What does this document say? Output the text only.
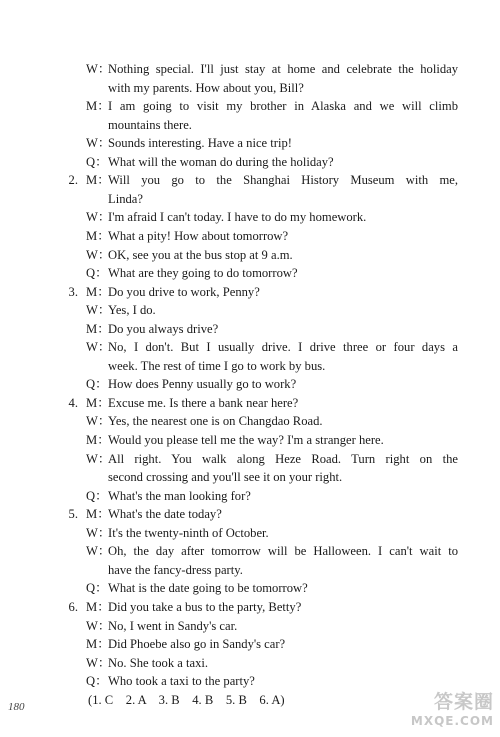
W：
Nothing special. I'll just stay at home and celebrate the holiday
with my parents. How about you, Bill?
M：
I am going to visit my brother in Alaska and we will climb
mountains there.
W：
Sounds interesting. Have a nice trip!
Q： What will the woman do during the holiday?
2. M：
Will you go to the Shanghai History Museum with me,
Linda?
W：
I'm afraid I can't today. I have to do my homework.
M：
What a pity! How about tomorrow?
W：
OK, see you at the bus stop at 9 a.m.
Q： What are they going to do tomorrow?
3. M：
Do you drive to work, Penny?
W：
Yes, I do.
M：
Do you always drive?
W：
No, I don't. But I usually drive. I drive three or four days a
week. The rest of time I go to work by bus.
Q： How does Penny usually go to work?
4. M：
Excuse me. Is there a bank near here?
W：
Yes, the nearest one is on Changdao Road.
M：
Would you please tell me the way? I'm a stranger here.
W：
All right. You walk along Heze Road. Turn right on the
second crossing and you'll see it on your right.
Q： What's the man looking for?
5. M：
What's the date today?
W：
It's the twenty-ninth of October.
W：
Oh, the day after tomorrow will be Halloween. I can't wait to
have the fancy-dress party.
Q： What is the date going to be tomorrow?
6. M：
Did you take a bus to the party, Betty?
W：
No, I went in Sandy's car.
M：
Did Phoebe also go in Sandy's car?
W：
No. She took a taxi.
Q： Who took a taxi to the party?
(1. C　2. A　3. B　4. B　5. B　6. A)
180	答案圈
MXQE.COM
